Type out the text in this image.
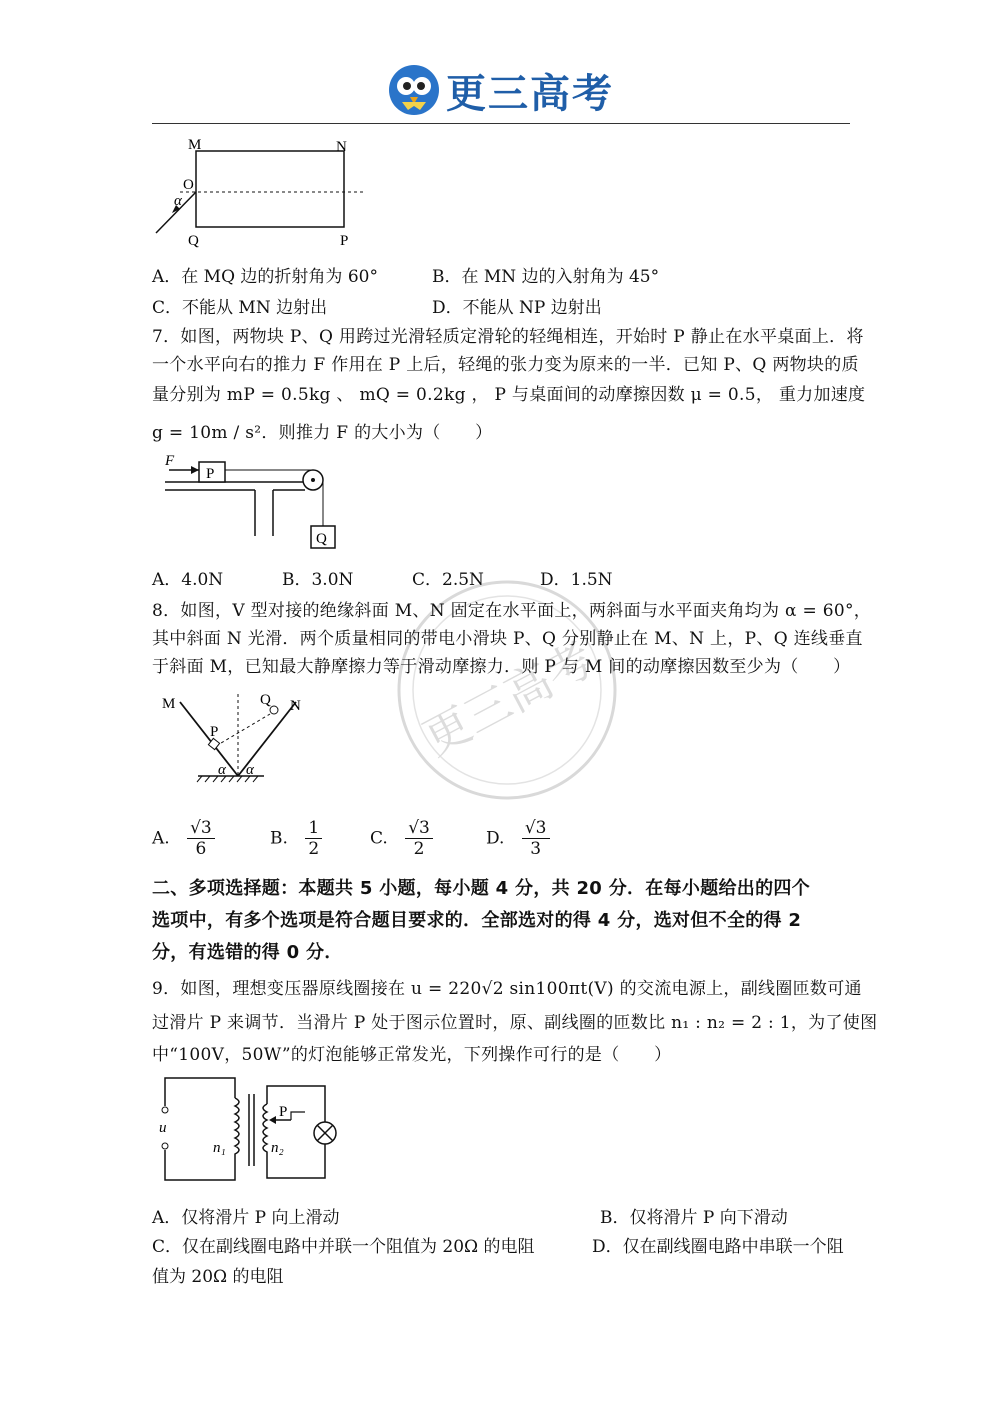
更三高考
更三高考
M	N
O
α
Q	P
A．在 MQ 边的折射角为 60°	B．在 MN 边的入射角为 45°
C．不能从 MN 边射出	D．不能从 NP 边射出
7．如图，两物块 P、Q 用跨过光滑轻质定滑轮的轻绳相连，开始时 P 静止在水平桌面上．将
一个水平向右的推力 F 作用在 P 上后，轻绳的张力变为原来的一半．已知 P、Q 两物块的质
量分别为 mP = 0.5kg 、 mQ = 0.2kg ， P 与桌面间的动摩擦因数 μ = 0.5， 重力加速度
g = 10m / s²．则推力 F 的大小为（　　）
P
F
Q
A．4.0N	B．3.0N	C．2.5N	D．1.5N
8．如图，V 型对接的绝缘斜面 M、N 固定在水平面上，两斜面与水平面夹角均为 α = 60°，
其中斜面 N 光滑．两个质量相同的带电小滑块 P、Q 分别静止在 M、N 上，P、Q 连线垂直
于斜面 M，已知最大静摩擦力等于滑动摩擦力．则 P 与 M 间的动摩擦因数至少为（　　）
M	Q N
P
α α
A. $\frac{√3}{6}$	B. $\frac{1}{2}$	C. $\frac{√3}{2}$	D. $\frac{√3}{3}$
二、多项选择题：本题共 5 小题，每小题 4 分，共 20 分．在每小题给出的四个
选项中，有多个选项是符合题目要求的．全部选对的得 4 分，选对但不全的得 2
分，有选错的得 0 分．
9．如图，理想变压器原线圈接在 u = 220√2 sin100πt(V) 的交流电源上，副线圈匝数可通
过滑片 P 来调节．当滑片 P 处于图示位置时，原、副线圈的匝数比 n₁ : n₂ = 2 : 1，为了使图
中“100V，50W”的灯泡能够正常发光，下列操作可行的是（　　）
u
n₁
P
n₂
A．仅将滑片 P 向上滑动	B．仅将滑片 P 向下滑动
C．仅在副线圈电路中并联一个阻值为 20Ω 的电阻	D．仅在副线圈电路中串联一个阻
值为 20Ω 的电阻
